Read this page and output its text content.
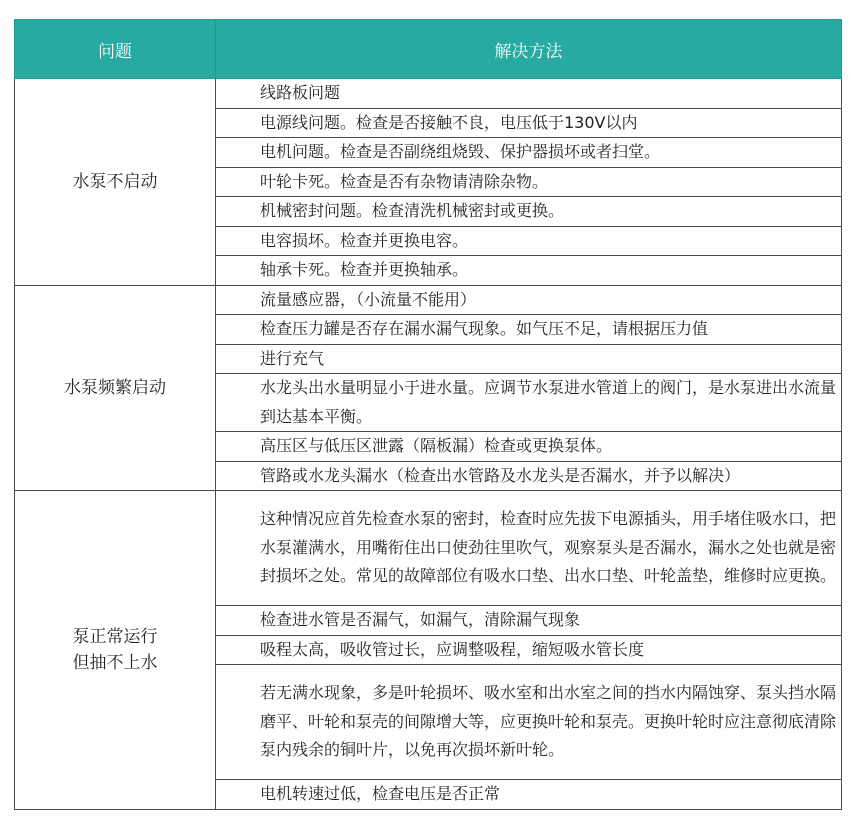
问题	解决方法
水泵不启动	线路板问题
	电源线问题。检查是否接触不良，电压低于130V以内
	电机问题。检查是否副绕组烧毁、保护器损坏或者扫堂。
	叶轮卡死。检查是否有杂物请清除杂物。
	机械密封问题。检查清洗机械密封或更换。
	电容损坏。检查并更换电容。
	轴承卡死。检查并更换轴承。
水泵频繁启动	流量感应器，（小流量不能用）
	检查压力罐是否存在漏水漏气现象。如气压不足，请根据压力值
	进行充气
	水龙头出水量明显小于进水量。应调节水泵进水管道上的阀门，是水泵进出水流量到达基本平衡。
	高压区与低压区泄露（隔板漏）检查或更换泵体。
	管路或水龙头漏水（检查出水管路及水龙头是否漏水，并予以解决）
泵正常运行
但抽不上水	这种情况应首先检查水泵的密封，检查时应先拔下电源插头，用手堵住吸水口，把水泵灌满水，用嘴衔住出口使劲往里吹气，观察泵头是否漏水，漏水之处也就是密封损坏之处。常见的故障部位有吸水口垫、出水口垫、叶轮盖垫，维修时应更换。
	检查进水管是否漏气，如漏气，清除漏气现象
	吸程太高，吸收管过长，应调整吸程，缩短吸水管长度
	若无满水现象，多是叶轮损坏、吸水室和出水室之间的挡水内隔蚀穿、泵头挡水隔磨平、叶轮和泵壳的间隙增大等，应更换叶轮和泵壳。更换叶轮时应注意彻底清除泵内残余的铜叶片，以免再次损坏新叶轮。
	电机转速过低，检查电压是否正常
